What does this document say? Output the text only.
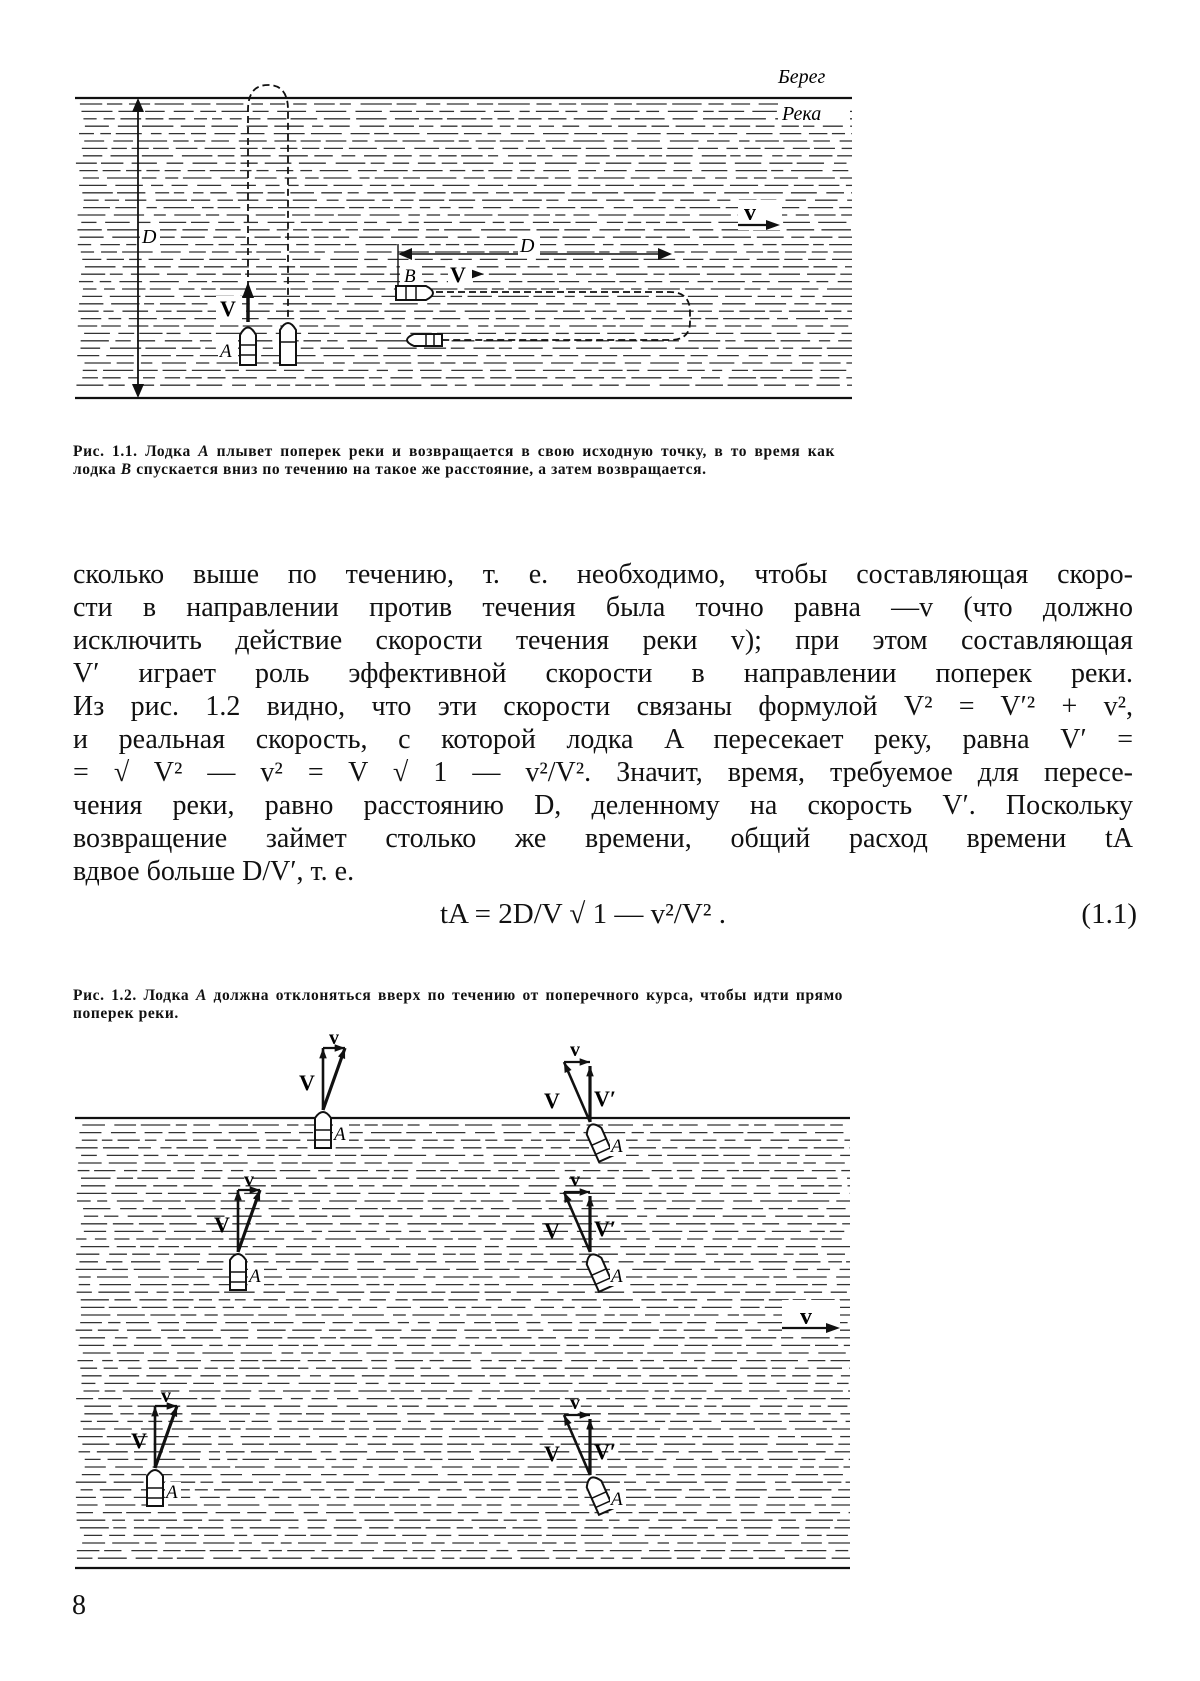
Берег
Река
D
V
A
D
B V
v
Рис. 1.1. Лодка A плывет поперек реки и возвращается в свою исходную точку, в то время как лодка B спускается вниз по течению на такое же расстояние, а затем возвращается.
сколько выше по течению, т. е. необходимо, чтобы составляющая скоро-
сти в направлении против течения была точно равна —v (что должно
исключить действие скорости течения реки v); при этом составляющая
V′ играет роль эффективной скорости в направлении поперек реки.
Из рис. 1.2 видно, что эти скорости связаны формулой V² = V′² + v²,
и реальная скорость, с которой лодка A пересекает реку, равна V′ =
= √ V² — v² = V √ 1 — v²/V². Значит, время, требуемое для пересе-
чения реки, равно расстоянию D, деленному на скорость V′. Поскольку
возвращение займет столько же времени, общий расход времени tA
вдвое больше D/V′, т. е.
tA = 2D/V √ 1 — v²/V² .	(1.1)
Рис. 1.2. Лодка A должна отклоняться вверх по течению от поперечного курса, чтобы идти прямо поперек реки.
V
v
A
V
v
A
V
v
A
V
v
V′
A
V
v
V′
A
V
v
V′
A
v
8
